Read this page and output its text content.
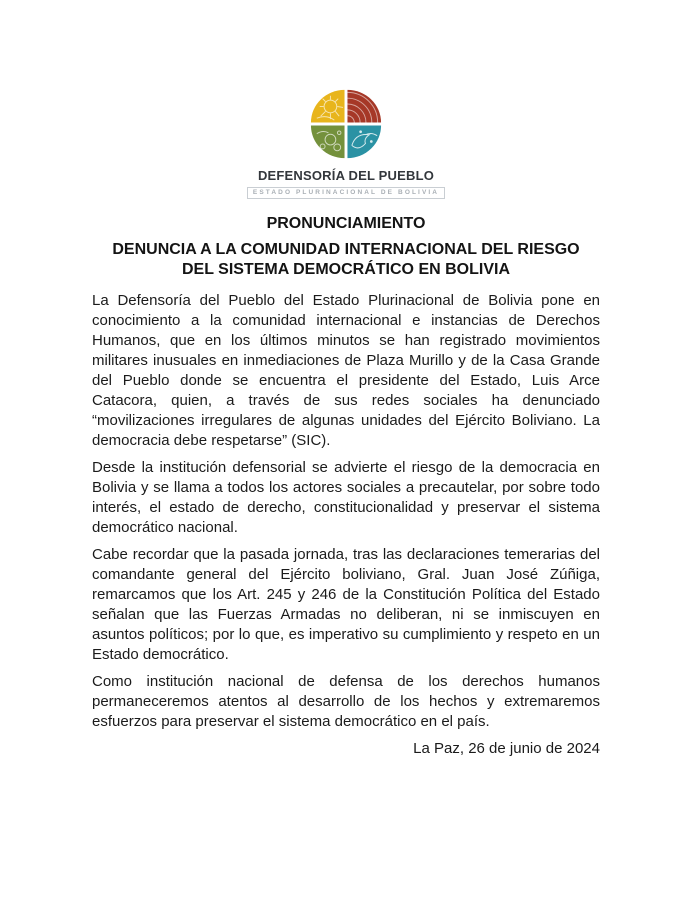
DEFENSORÍA DEL PUEBLO
ESTADO PLURINACIONAL DE BOLIVIA
PRONUNCIAMIENTO
DENUNCIA A LA COMUNIDAD INTERNACIONAL DEL RIESGO
DEL SISTEMA DEMOCRÁTICO EN BOLIVIA

La Defensoría del Pueblo del Estado Plurinacional de Bolivia pone en conocimiento a la comunidad internacional e instancias de Derechos Humanos, que en los últimos minutos se han registrado movimientos militares inusuales en inmediaciones de Plaza Murillo y de la Casa Grande del Pueblo donde se encuentra el presidente del Estado, Luis Arce Catacora, quien, a través de sus redes sociales ha denunciado “movilizaciones irregulares de algunas unidades del Ejército Boliviano. La democracia debe respetarse” (SIC).

Desde la institución defensorial se advierte el riesgo de la democracia en Bolivia y se llama a todos los actores sociales a precautelar, por sobre todo interés, el estado de derecho, constitucionalidad y preservar el sistema democrático nacional.

Cabe recordar que la pasada jornada, tras las declaraciones temerarias del comandante general del Ejército boliviano, Gral. Juan José Zúñiga, remarcamos que los Art. 245 y 246 de la Constitución Política del Estado señalan que las Fuerzas Armadas no deliberan, ni se inmiscuyen en asuntos políticos; por lo que, es imperativo su cumplimiento y respeto en un Estado democrático.

Como institución nacional de defensa de los derechos humanos permaneceremos atentos al desarrollo de los hechos y extremaremos esfuerzos para preservar el sistema democrático en el país.

La Paz, 26 de junio de 2024
